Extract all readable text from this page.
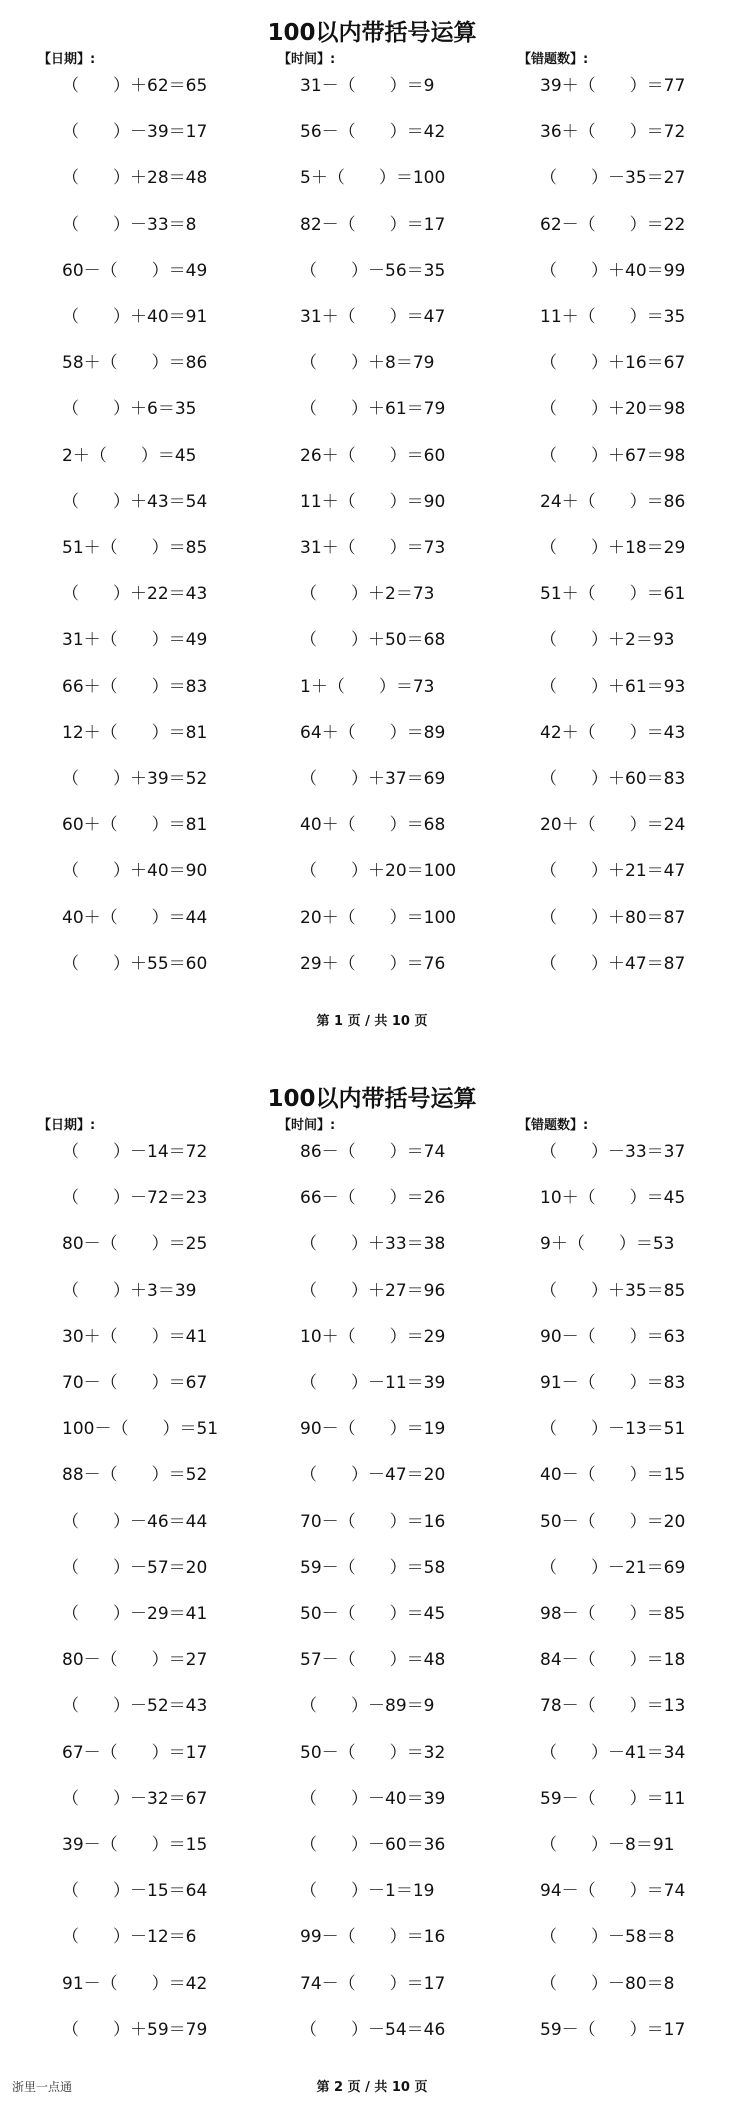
100以内带括号运算
【日期】:	【时间】:	【错题数】:
（　　）＋62＝65	31－（　　）＝9	39＋（　　）＝77
（　　）－39＝17	56－（　　）＝42	36＋（　　）＝72
（　　）＋28＝48	5＋（　　）＝100	（　　）－35＝27
（　　）－33＝8	82－（　　）＝17	62－（　　）＝22
60－（　　）＝49	（　　）－56＝35	（　　）＋40＝99
（　　）＋40＝91	31＋（　　）＝47	11＋（　　）＝35
58＋（　　）＝86	（　　）＋8＝79	（　　）＋16＝67
（　　）＋6＝35	（　　）＋61＝79	（　　）＋20＝98
2＋（　　）＝45	26＋（　　）＝60	（　　）＋67＝98
（　　）＋43＝54	11＋（　　）＝90	24＋（　　）＝86
51＋（　　）＝85	31＋（　　）＝73	（　　）＋18＝29
（　　）＋22＝43	（　　）＋2＝73	51＋（　　）＝61
31＋（　　）＝49	（　　）＋50＝68	（　　）＋2＝93
66＋（　　）＝83	1＋（　　）＝73	（　　）＋61＝93
12＋（　　）＝81	64＋（　　）＝89	42＋（　　）＝43
（　　）＋39＝52	（　　）＋37＝69	（　　）＋60＝83
60＋（　　）＝81	40＋（　　）＝68	20＋（　　）＝24
（　　）＋40＝90	（　　）＋20＝100	（　　）＋21＝47
40＋（　　）＝44	20＋（　　）＝100	（　　）＋80＝87
（　　）＋55＝60	29＋（　　）＝76	（　　）＋47＝87
第 1 页 / 共 10 页
100以内带括号运算
【日期】:	【时间】:	【错题数】:
（　　）－14＝72	86－（　　）＝74	（　　）－33＝37
（　　）－72＝23	66－（　　）＝26	10＋（　　）＝45
80－（　　）＝25	（　　）＋33＝38	9＋（　　）＝53
（　　）＋3＝39	（　　）＋27＝96	（　　）＋35＝85
30＋（　　）＝41	10＋（　　）＝29	90－（　　）＝63
70－（　　）＝67	（　　）－11＝39	91－（　　）＝83
100－（　　）＝51	90－（　　）＝19	（　　）－13＝51
88－（　　）＝52	（　　）－47＝20	40－（　　）＝15
（　　）－46＝44	70－（　　）＝16	50－（　　）＝20
（　　）－57＝20	59－（　　）＝58	（　　）－21＝69
（　　）－29＝41	50－（　　）＝45	98－（　　）＝85
80－（　　）＝27	57－（　　）＝48	84－（　　）＝18
（　　）－52＝43	（　　）－89＝9	78－（　　）＝13
67－（　　）＝17	50－（　　）＝32	（　　）－41＝34
（　　）－32＝67	（　　）－40＝39	59－（　　）＝11
39－（　　）＝15	（　　）－60＝36	（　　）－8＝91
（　　）－15＝64	（　　）－1＝19	94－（　　）＝74
（　　）－12＝6	99－（　　）＝16	（　　）－58＝8
91－（　　）＝42	74－（　　）＝17	（　　）－80＝8
（　　）＋59＝79	（　　）－54＝46	59－（　　）＝17
第 2 页 / 共 10 页
浙里一点通
